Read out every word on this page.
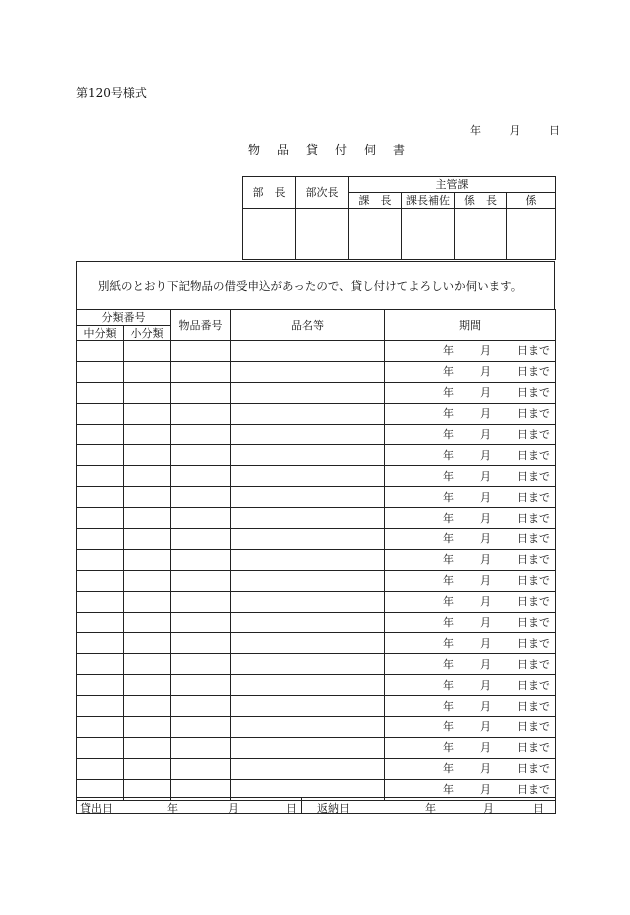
第120号様式
年	月	日
物品貸付伺書
部　長	部次長	主管課			
		課　長	課長補佐	係　長	係

別紙のとおり下記物品の借受申込があったので、貸し付けてよろしいか伺います。
分類番号		物品番号	品名等	期間
中分類	小分類			

				年 月 日まで

				年 月 日まで

				年 月 日まで

				年 月 日まで

				年 月 日まで

				年 月 日まで

				年 月 日まで

				年 月 日まで

				年 月 日まで

				年 月 日まで

				年 月 日まで

				年 月 日まで

				年 月 日まで

				年 月 日まで

				年 月 日まで

				年 月 日まで

				年 月 日まで

				年 月 日まで

				年 月 日まで

				年 月 日まで

				年 月 日まで

				年 月 日まで
貸出日	年	月	日 返納日	年	月	日
